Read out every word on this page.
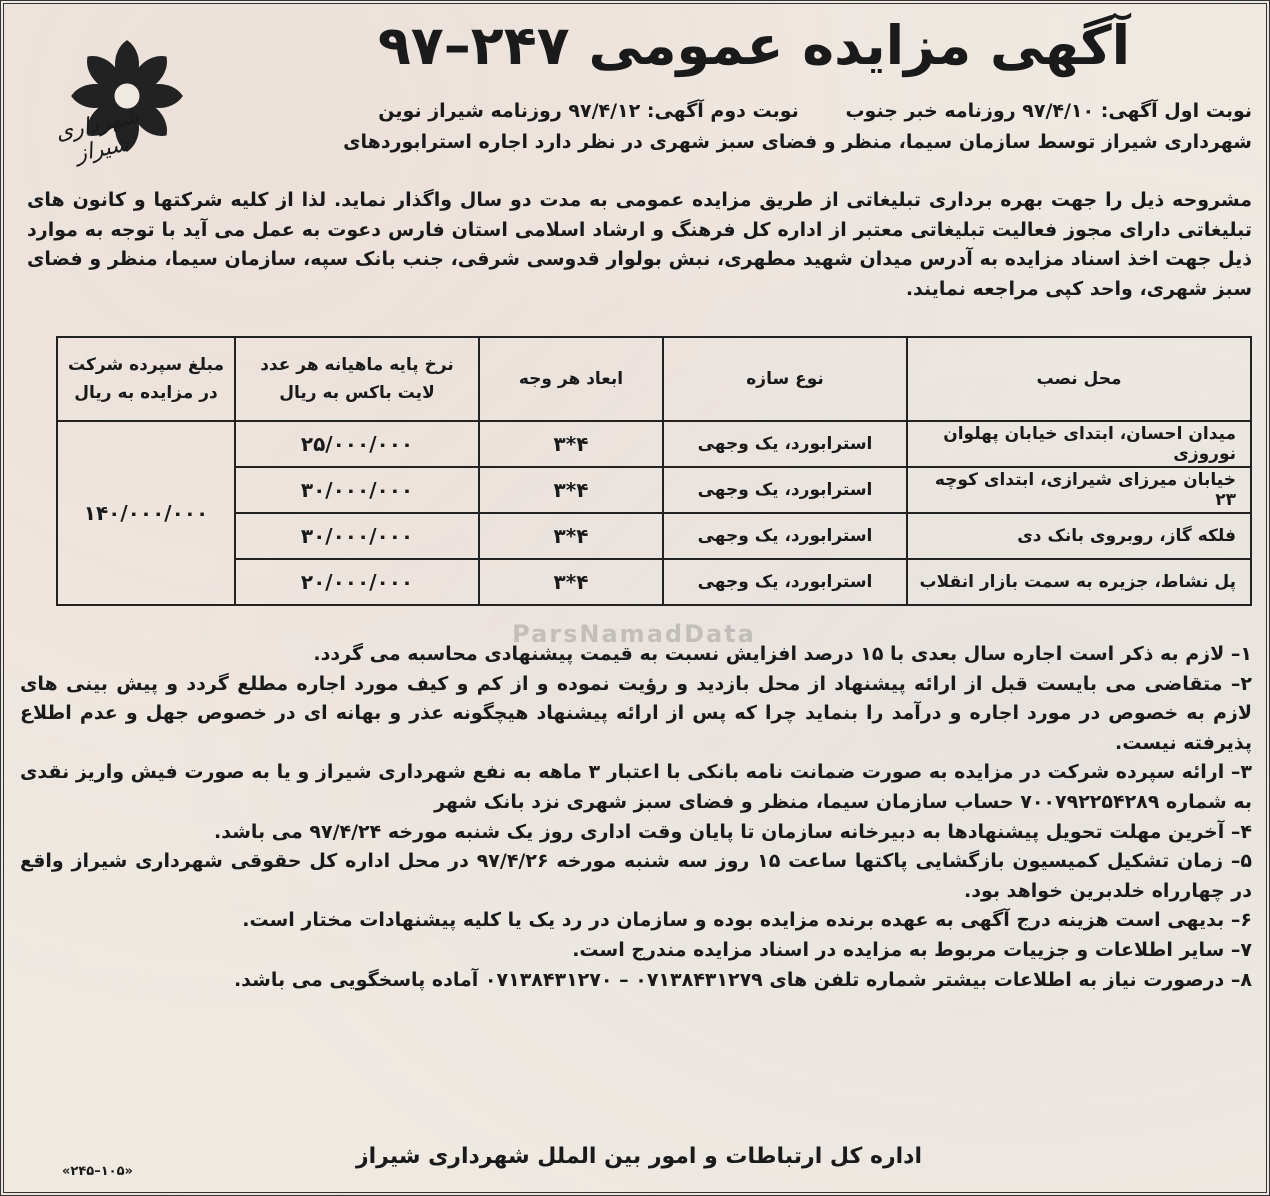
آگهی مزایده عمومی ۲۴۷–۹۷
شهرداری شیراز
نوبت اول آگهی: ۹۷/۴/۱۰ روزنامه خبر جنوب نوبت دوم آگهی: ۹۷/۴/۱۲ روزنامه شیراز نوین
شهرداری شیراز توسط سازمان سیما، منظر و فضای سبز شهری در نظر دارد اجاره استرابوردهای
مشروحه ذیل را جهت بهره برداری تبلیغاتی از طریق مزایده عمومی به مدت دو سال واگذار نماید. لذا از کلیه شرکتها و کانون های تبلیغاتی دارای مجوز فعالیت تبلیغاتی معتبر از اداره کل فرهنگ و ارشاد اسلامی استان فارس دعوت به عمل می آید با توجه به موارد ذیل جهت اخذ اسناد مزایده به آدرس میدان شهید مطهری، نبش بولوار قدوسی شرقی، جنب بانک سپه، سازمان سیما، منظر و فضای سبز شهری، واحد کپی مراجعه نمایند.
محل نصب	نوع سازه	ابعاد هر وجه	نرخ پایه ماهیانه هر عدد لایت باکس به ریال	مبلغ سپرده شرکت در مزایده به ریال
میدان احسان، ابتدای خیابان پهلوان نوروزی	استرابورد، یک وجهی	۴*۳	۲۵/۰۰۰/۰۰۰	۱۴۰/۰۰۰/۰۰۰
خیابان میرزای شیرازی، ابتدای کوچه ۲۳	استرابورد، یک وجهی	۴*۳	۳۰/۰۰۰/۰۰۰	
فلکه گاز، روبروی بانک دی	استرابورد، یک وجهی	۴*۳	۳۰/۰۰۰/۰۰۰	
پل نشاط، جزیره به سمت بازار انقلاب	استرابورد، یک وجهی	۴*۳	۲۰/۰۰۰/۰۰۰	
ParsNamadData

۱– لازم به ذکر است اجاره سال بعدی با ۱۵ درصد افزایش نسبت به قیمت پیشنهادی محاسبه می گردد.

۲– متقاضی می بایست قبل از ارائه پیشنهاد از محل بازدید و رؤیت نموده و از کم و کیف مورد اجاره مطلع گردد و پیش بینی های لازم به خصوص در مورد اجاره و درآمد را بنماید چرا که پس از ارائه پیشنهاد هیچگونه عذر و بهانه ای در خصوص جهل و عدم اطلاع پذیرفته نیست.

۳– ارائه سپرده شرکت در مزایده به صورت ضمانت نامه بانکی با اعتبار ۳ ماهه به نفع شهرداری شیراز و یا به صورت فیش واریز نقدی به شماره ۷۰۰۷۹۲۲۵۴۲۸۹ حساب سازمان سیما، منظر و فضای سبز شهری نزد بانک شهر

۴– آخرین مهلت تحویل پیشنهادها به دبیرخانه سازمان تا پایان وقت اداری روز یک شنبه مورخه ۹۷/۴/۲۴ می باشد.

۵– زمان تشکیل کمیسیون بازگشایی پاکتها ساعت ۱۵ روز سه شنبه مورخه ۹۷/۴/۲۶ در محل اداره کل حقوقی شهرداری شیراز واقع در چهارراه خلدبرین خواهد بود.

۶– بدیهی است هزینه درج آگهی به عهده برنده مزایده بوده و سازمان در رد یک یا کلیه پیشنهادات مختار است.

۷– سایر اطلاعات و جزییات مربوط به مزایده در اسناد مزایده مندرج است.

۸– درصورت نیاز به اطلاعات بیشتر شماره تلفن های ۰۷۱۳۸۴۳۱۲۷۹ – ۰۷۱۳۸۴۳۱۲۷۰ آماده پاسخگویی می باشد.

اداره کل ارتباطات و امور بین الملل شهرداری شیراز
«۲۴۵–۱۰۵»
